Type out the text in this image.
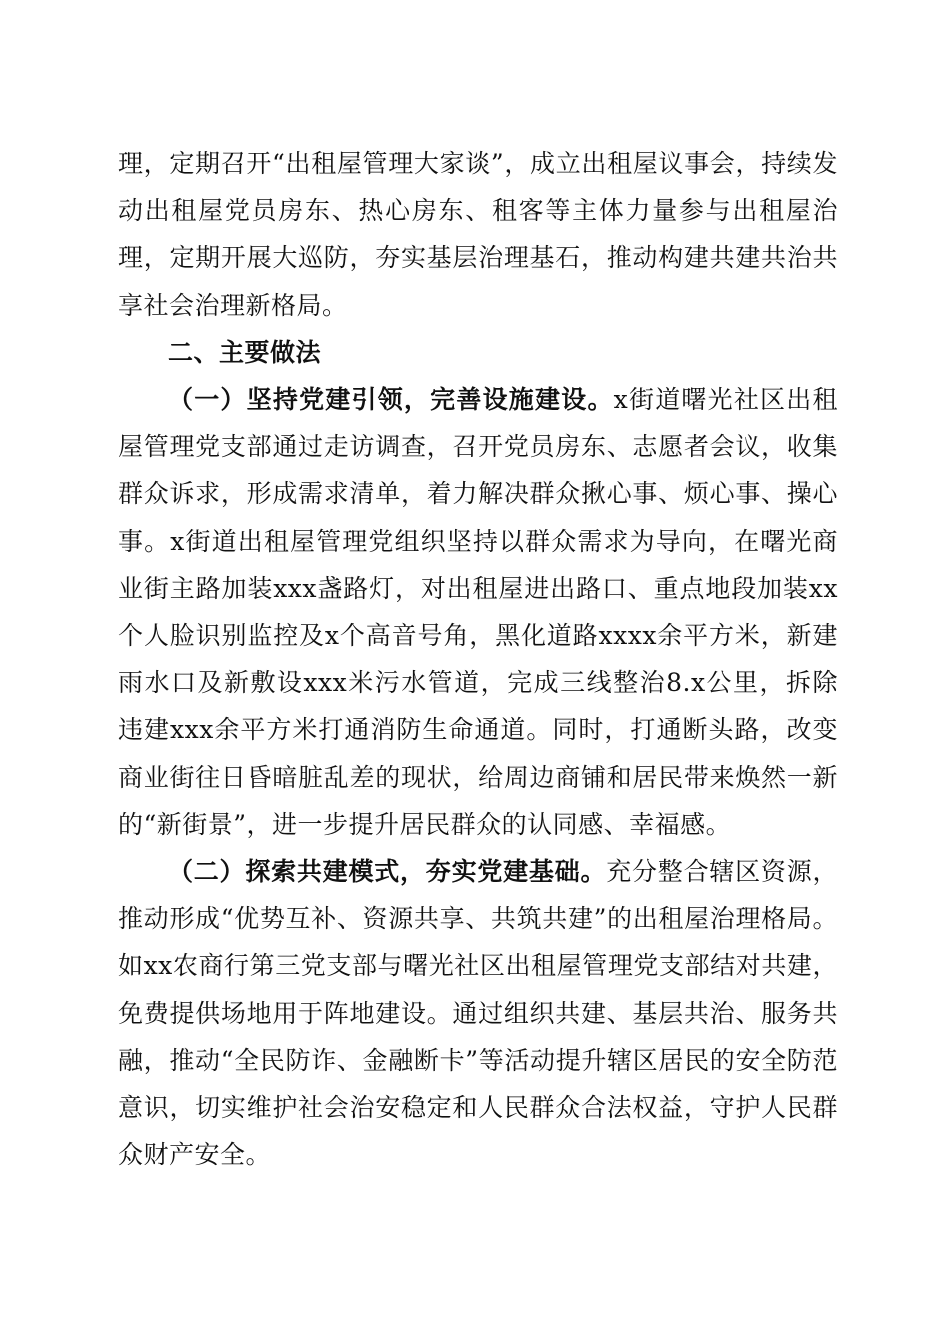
理，定期召开“出租屋管理大家谈”，成立出租屋议事会，持续发动出租屋党员房东、热心房东、租客等主体力量参与出租屋治理，定期开展大巡防，夯实基层治理基石，推动构建共建共治共享社会治理新格局。

二、主要做法

（一）坚持党建引领，完善设施建设。x街道曙光社区出租屋管理党支部通过走访调查，召开党员房东、志愿者会议，收集群众诉求，形成需求清单，着力解决群众揪心事、烦心事、操心事。x街道出租屋管理党组织坚持以群众需求为导向，在曙光商业街主路加装xxx盏路灯，对出租屋进出路口、重点地段加装xx个人脸识别监控及x个高音号角，黑化道路xxxx余平方米，新建雨水口及新敷设xxx米污水管道，完成三线整治8.x公里，拆除违建xxx余平方米打通消防生命通道。同时，打通断头路，改变商业街往日昏暗脏乱差的现状，给周边商铺和居民带来焕然一新的“新街景”，进一步提升居民群众的认同感、幸福感。

（二）探索共建模式，夯实党建基础。充分整合辖区资源，推动形成“优势互补、资源共享、共筑共建”的出租屋治理格局。如xx农商行第三党支部与曙光社区出租屋管理党支部结对共建，免费提供场地用于阵地建设。通过组织共建、基层共治、服务共融，推动“全民防诈、金融断卡”等活动提升辖区居民的安全防范意识，切实维护社会治安稳定和人民群众合法权益，守护人民群众财产安全。
